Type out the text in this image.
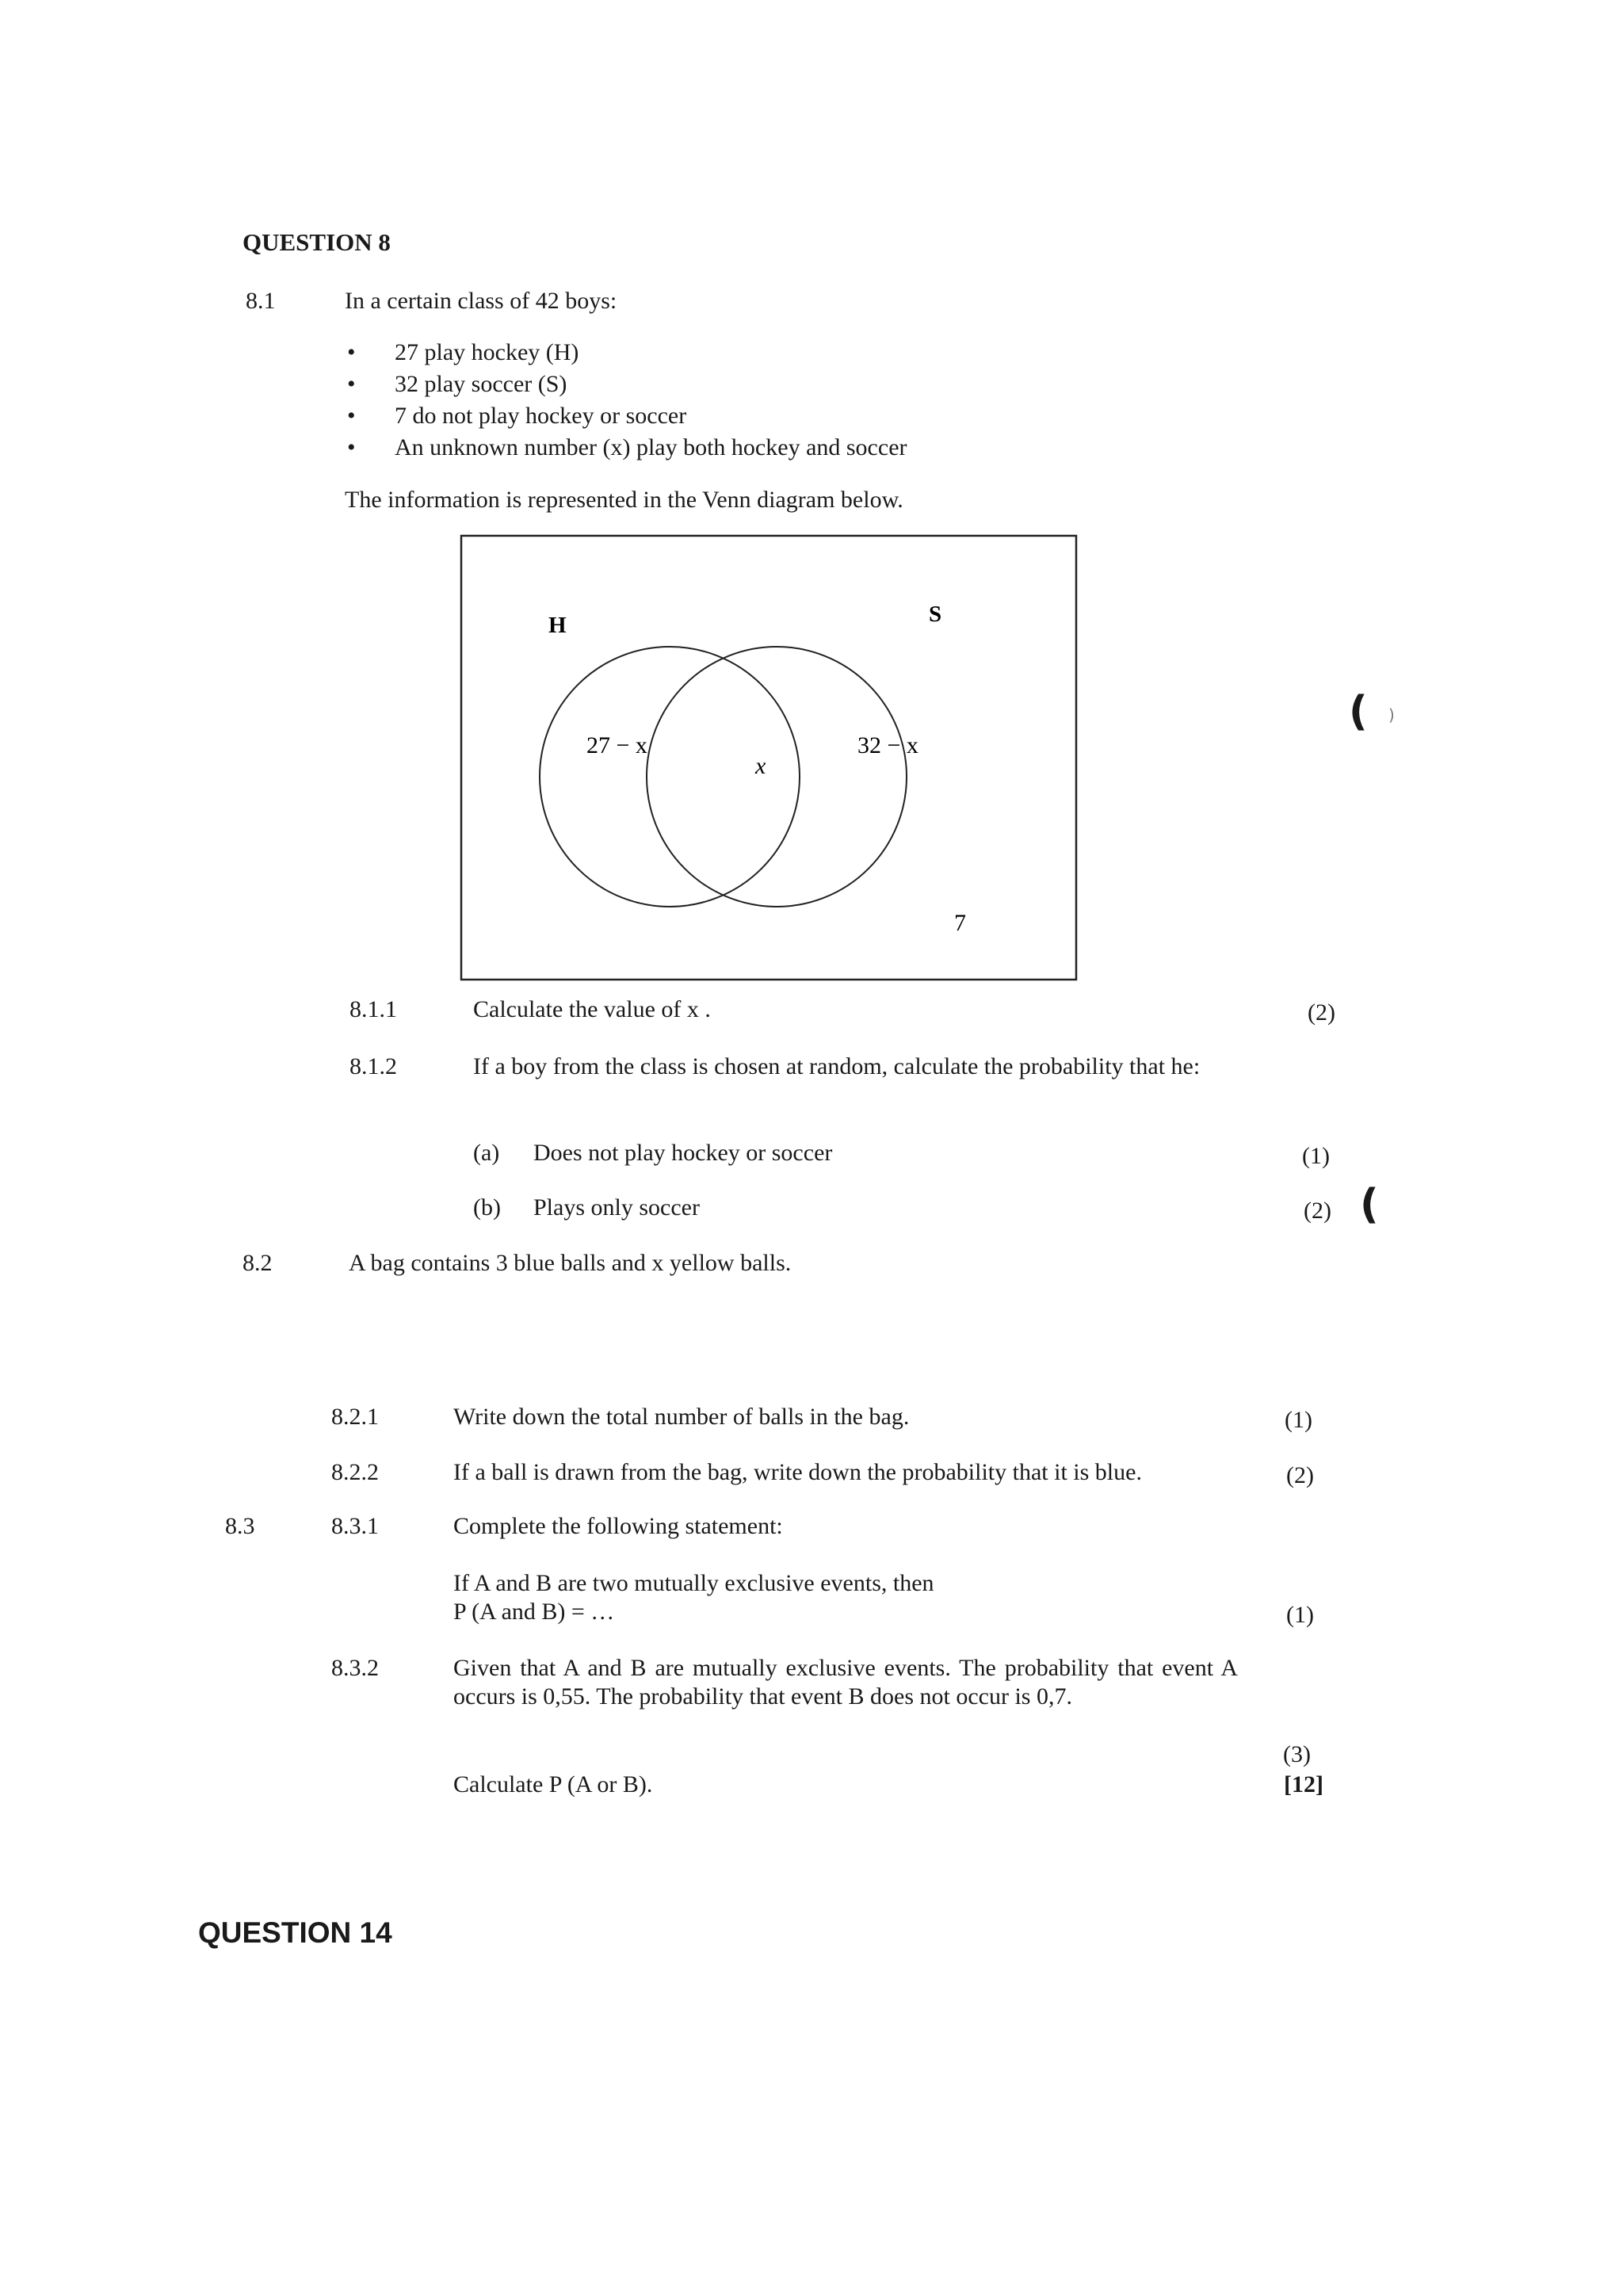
QUESTION 8
8.1	In a certain class of 42 boys:
• 27 play hockey (H)
• 32 play soccer (S)
• 7 do not play hockey or soccer
• An unknown number (x) play both hockey and soccer
The information is represented in the Venn diagram below.
H	S
27 − x
x
32 − x
7
( )
8.1.1	Calculate the value of x .	(2)
8.1.2	If a boy from the class is chosen at random, calculate the probability that he:
(a) Does not play hockey or soccer	(1)
(b) Plays only soccer	(2) (
8.2	A bag contains 3 blue balls and x yellow balls.
8.2.1	Write down the total number of balls in the bag.	(1)
8.2.2	If a ball is drawn from the bag, write down the probability that it is blue.	(2)
8.3	8.3.1	Complete the following statement:
If A and B are two mutually exclusive events, then
P (A and B) = …	(1)
8.3.2	Given that A and B are mutually exclusive events. The probability that event A occurs is 0,55. The probability that event B does not occur is 0,7.
(3)
Calculate P (A or B).	[12]
QUESTION 14
